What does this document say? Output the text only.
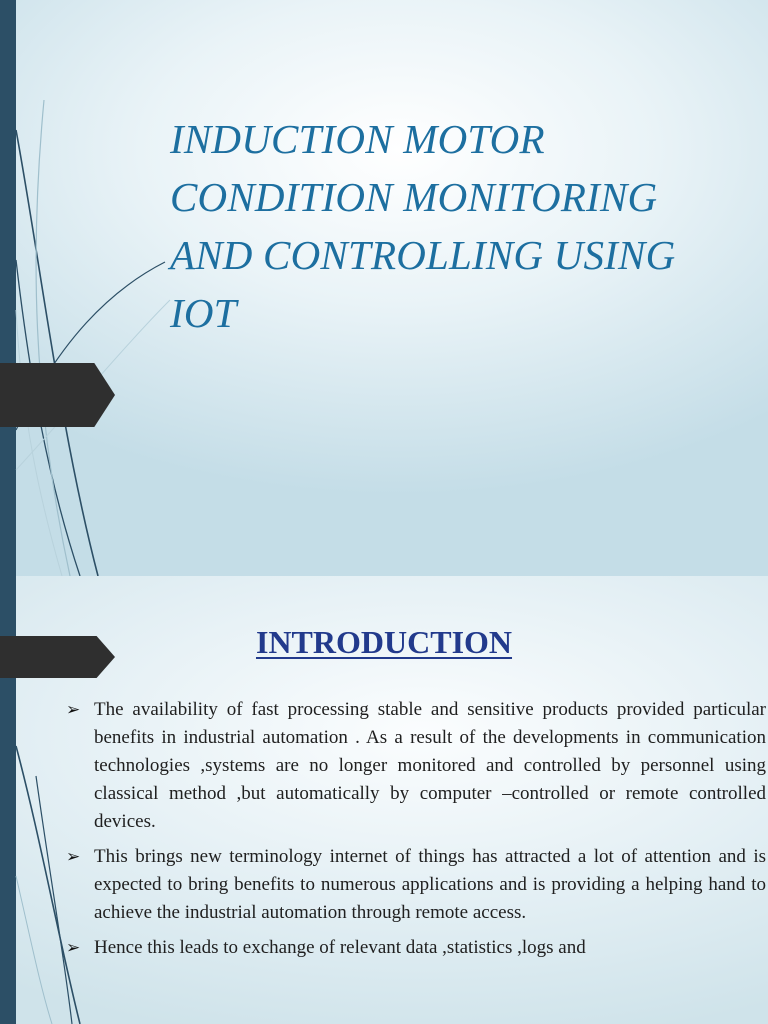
INDUCTION MOTOR CONDITION MONITORING AND CONTROLLING USING IOT
INTRODUCTION
➢ The availability of fast processing stable and sensitive products provided particular benefits in industrial automation . As a result of the developments in communication technologies ,systems are no longer monitored and controlled by personnel using classical method ,but automatically by computer –controlled or remote controlled devices.
➢ This brings new terminology internet of things has attracted a lot of attention and is expected to bring benefits to numerous applications and is providing a helping hand to achieve the industrial automation through remote access.
➢ Hence this leads to exchange of relevant data ,statistics ,logs and
